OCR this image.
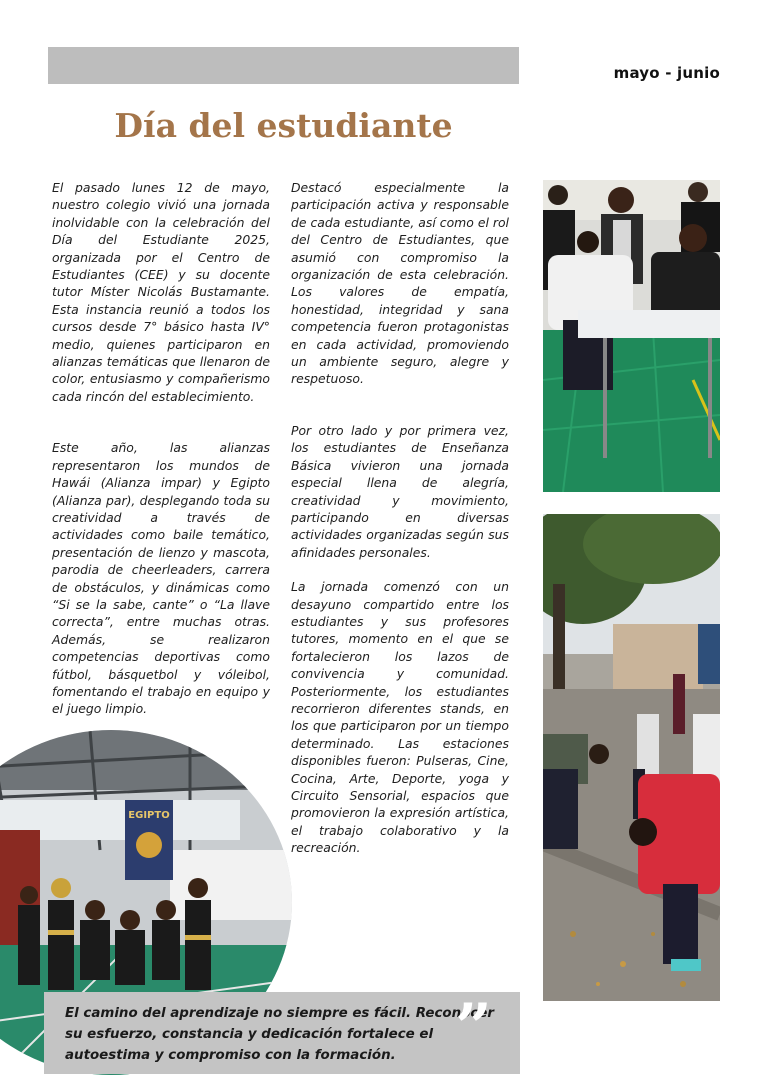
mayo - junio
Día del estudiante

El pasado lunes 12 de mayo, nuestro colegio vivió una jornada inolvidable con la celebración del Día del Estudiante 2025, organizada por el Centro de Estudiantes (CEE) y su docente tutor Míster Nicolás Bustamante. Esta instancia reunió a todos los cursos desde 7° básico hasta IV° medio, quienes participaron en alianzas temáticas que llenaron de color, entusiasmo y compañerismo cada rincón del establecimiento.

Este año, las alianzas representaron los mundos de Hawái (Alianza impar) y Egipto (Alianza par), desplegando toda su creatividad a través de actividades como baile temático, presentación de lienzo y mascota, parodia de cheerleaders, carrera de obstáculos, y dinámicas como “Si se la sabe, cante” o “La llave correcta”, entre muchas otras. Además, se realizaron competencias deportivas como fútbol, básquetbol y vóleibol, fomentando el trabajo en equipo y el juego limpio.

Destacó especialmente la participación activa y responsable de cada estudiante, así como el rol del Centro de Estudiantes, que asumió con compromiso la organización de esta celebración. Los valores de empatía, honestidad, integridad y sana competencia fueron protagonistas en cada actividad, promoviendo un ambiente seguro, alegre y respetuoso.

Por otro lado y por primera vez, los estudiantes de Enseñanza Básica vivieron una jornada especial llena de alegría, creatividad y movimiento, participando en diversas actividades organizadas según sus afinidades personales.

La jornada comenzó con un desayuno compartido entre los estudiantes y sus profesores tutores, momento en el que se fortalecieron los lazos de convivencia y comunidad. Posteriormente, los estudiantes recorrieron diferentes stands, en los que participaron por un tiempo determinado. Las estaciones disponibles fueron: Pulseras, Cine, Cocina, Arte, Deporte, yoga y Circuito Sensorial, espacios que promovieron la expresión artística, el trabajo colaborativo y la recreación.

EGIPTO

El camino del aprendizaje no siempre es fácil. Reconocer su esfuerzo, constancia y dedicación fortalece el autoestima y compromiso con la formación. ”
